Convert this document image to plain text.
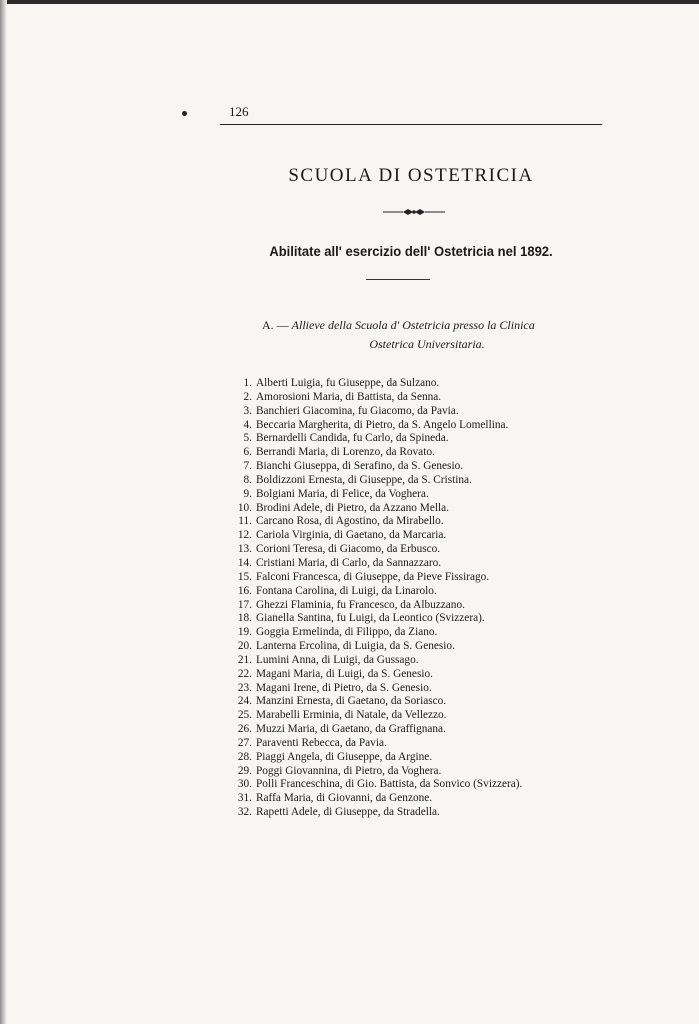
126
SCUOLA DI OSTETRICIA
Abilitate all' esercizio dell' Ostetricia nel 1892.
A. — Allieve della Scuola d' Ostetricia presso la Clinica
Ostetrica Universitaria.
1. Alberti Luigia, fu Giuseppe, da Sulzano.
2. Amorosioni Maria, di Battista, da Senna.
3. Banchieri Giacomina, fu Giacomo, da Pavia.
4. Beccaria Margherita, di Pietro, da S. Angelo Lomellina.
5. Bernardelli Candida, fu Carlo, da Spineda.
6. Berrandi Maria, di Lorenzo, da Rovato.
7. Bianchi Giuseppa, di Serafino, da S. Genesio.
8. Boldizzoni Ernesta, di Giuseppe, da S. Cristina.
9. Bolgiani Maria, di Felice, da Voghera.
10. Brodini Adele, di Pietro, da Azzano Mella.
11. Carcano Rosa, di Agostino, da Mirabello.
12. Cariola Virginia, di Gaetano, da Marcaria.
13. Corioni Teresa, di Giacomo, da Erbusco.
14. Cristiani Maria, di Carlo, da Sannazzaro.
15. Falconi Francesca, di Giuseppe, da Pieve Fissirago.
16. Fontana Carolina, di Luigi, da Linarolo.
17. Ghezzi Flaminia, fu Francesco, da Albuzzano.
18. Gianella Santina, fu Luigi, da Leontico (Svizzera).
19. Goggia Ermelinda, di Filippo, da Ziano.
20. Lanterna Ercolina, di Luigia, da S. Genesio.
21. Lumini Anna, di Luigi, da Gussago.
22. Magani Maria, di Luigi, da S. Genesio.
23. Magani Irene, di Pietro, da S. Genesio.
24. Manzini Ernesta, di Gaetano, da Soriasco.
25. Marabelli Erminia, di Natale, da Vellezzo.
26. Muzzi Maria, di Gaetano, da Graffignana.
27. Paraventi Rebecca, da Pavia.
28. Piaggi Angela, di Giuseppe, da Argine.
29. Poggi Giovannina, di Pietro, da Voghera.
30. Polli Franceschina, di Gio. Battista, da Sonvico (Svizzera).
31. Raffa Maria, di Giovanni, da Genzone.
32. Rapetti Adele, di Giuseppe, da Stradella.
